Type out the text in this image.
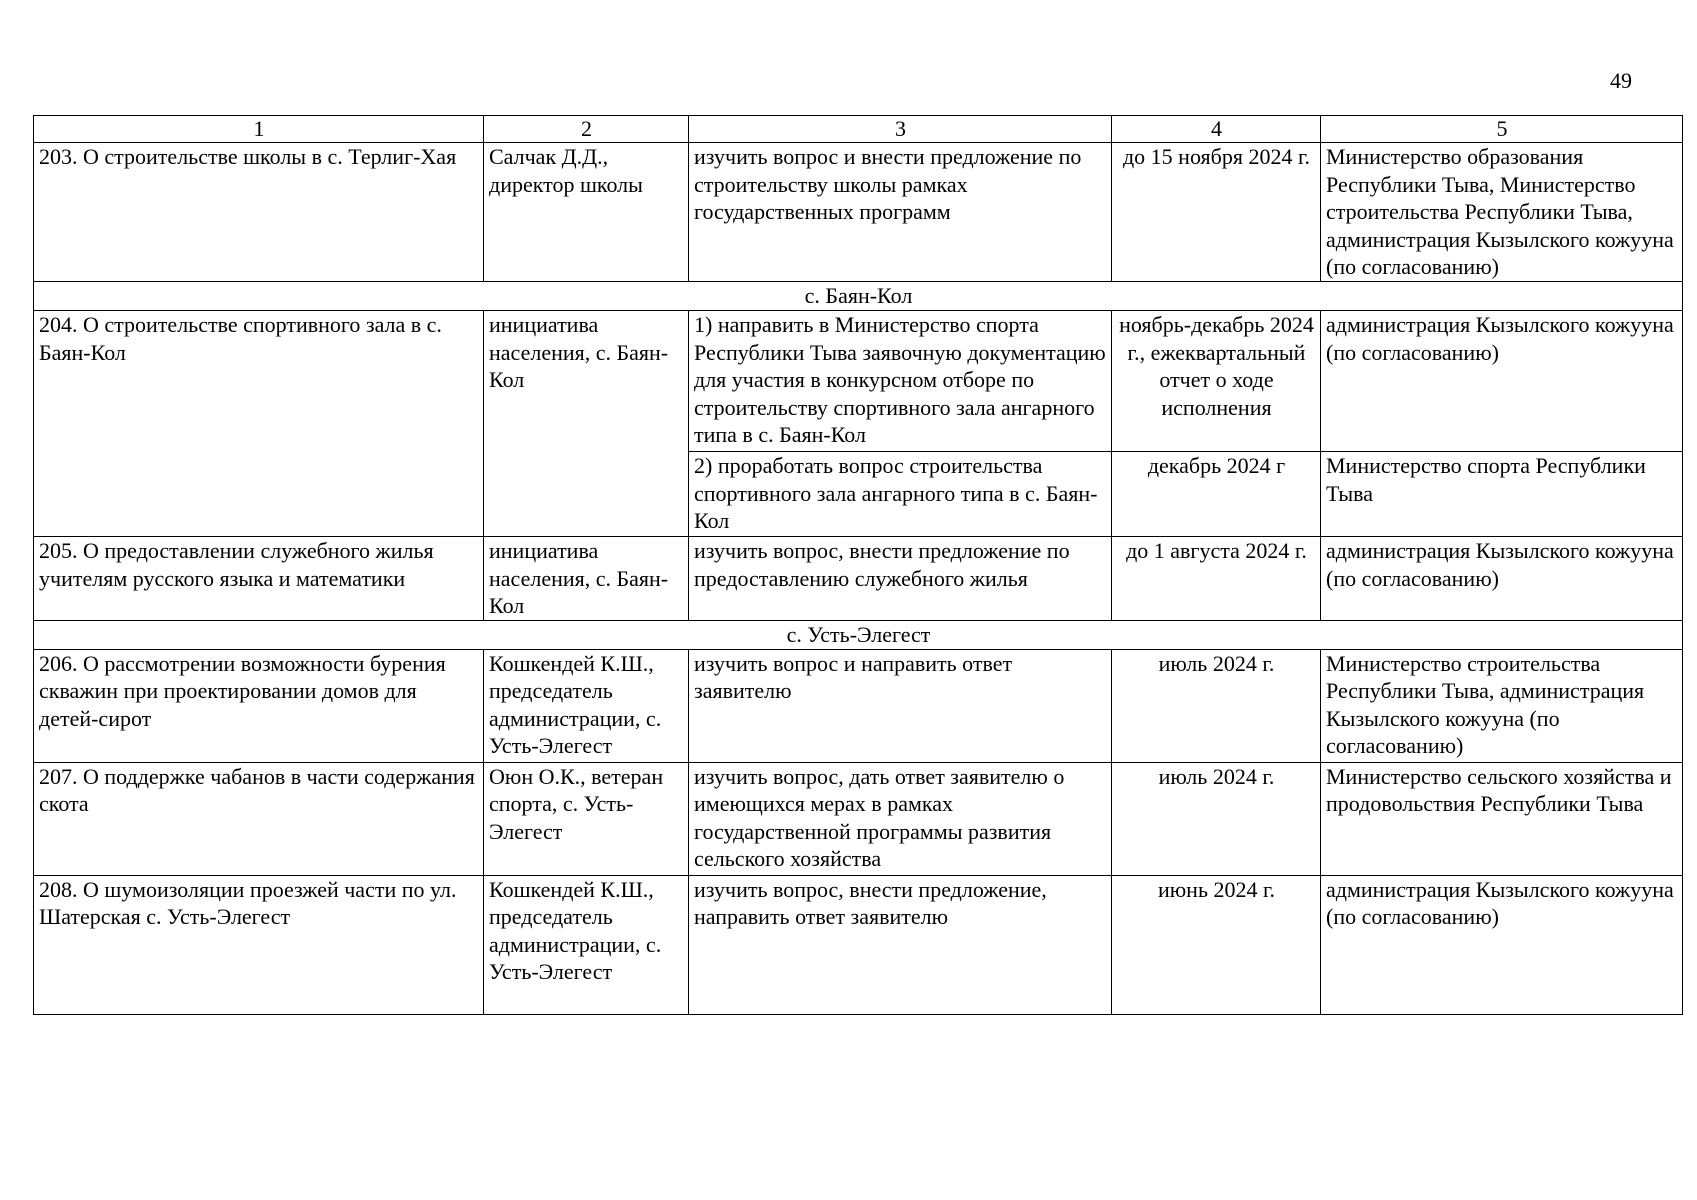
49
1	2	3	4	5
203. О строительстве школы в с. Терлиг-Хая	Салчак Д.Д., директор школы	изучить вопрос и внести предложение по строительству школы рамках государственных программ	до 15 ноября 2024 г.	Министерство образования Республики Тыва, Министерство строительства Республики Тыва, администрация Кызылского кожууна (по согласованию)
с. Баян-Кол				
204. О строительстве спортивного зала в с. Баян-Кол	инициатива населения, с. Баян-Кол	1) направить в Министерство спорта Республики Тыва заявочную документацию для участия в конкурсном отборе по строительству спортивного зала ангарного типа в с. Баян-Кол	ноябрь-декабрь 2024 г., ежеквартальный отчет о ходе исполнения	администрация Кызылского кожууна (по согласованию)
		2) проработать вопрос строительства спортивного зала ангарного типа в с. Баян-Кол	декабрь 2024 г	Министерство спорта Республики Тыва
205. О предоставлении служебного жилья учителям русского языка и математики	инициатива населения, с. Баян-Кол	изучить вопрос, внести предложение по предоставлению служебного жилья	до 1 августа 2024 г.	администрация Кызылского кожууна (по согласованию)
с. Усть-Элегест				
206. О рассмотрении возможности бурения скважин при проектировании домов для детей-сирот	Кошкендей К.Ш., председатель администрации, с. Усть-Элегест	изучить вопрос и направить ответ заявителю	июль 2024 г.	Министерство строительства Республики Тыва, администрация Кызылского кожууна (по согласованию)
207. О поддержке чабанов в части содержания скота	Оюн О.К., ветеран спорта, с. Усть-Элегест	изучить вопрос, дать ответ заявителю о имеющихся мерах в рамках государственной программы развития сельского хозяйства	июль 2024 г.	Министерство сельского хозяйства и продовольствия Республики Тыва
208. О шумоизоляции проезжей части по ул. Шатерская с. Усть-Элегест	Кошкендей К.Ш., председатель администрации, с. Усть-Элегест	изучить вопрос, внести предложение, направить ответ заявителю	июнь 2024 г.	администрация Кызылского кожууна (по согласованию)
